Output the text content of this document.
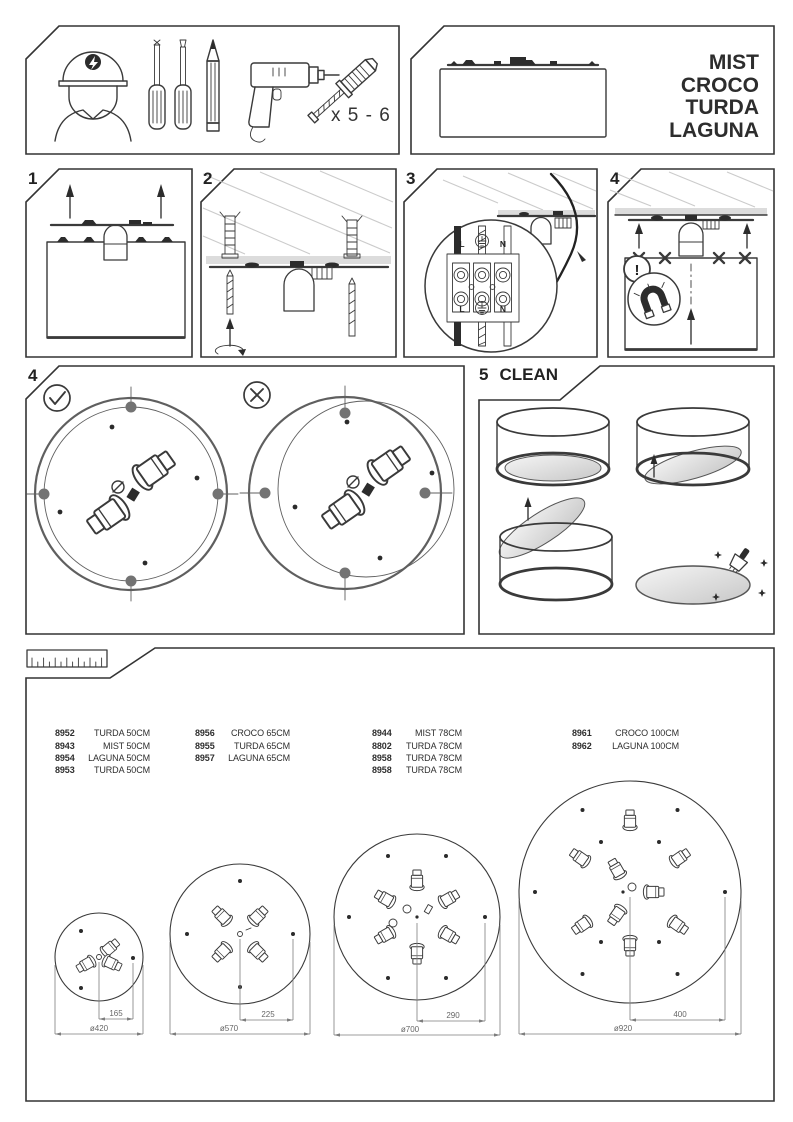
x 5 - 6
MIST
CROCO
TURDA
LAGUNA
1	2
L	N
L	N
3	4
!
4	5 CLEAN
165
ø420
225
ø570
290
ø700
400
ø920
8952	TURDA 50CM
8943	MIST 50CM
8954	LAGUNA 50CM
8953	TURDA 50CM
8956	CROCO 65CM
8955	TURDA 65CM
8957	LAGUNA 65CM
8944	MIST 78CM
8802	TURDA 78CM
8958	TURDA 78CM
8958	TURDA 78CM
8961	CROCO 100CM
8962	LAGUNA 100CM
